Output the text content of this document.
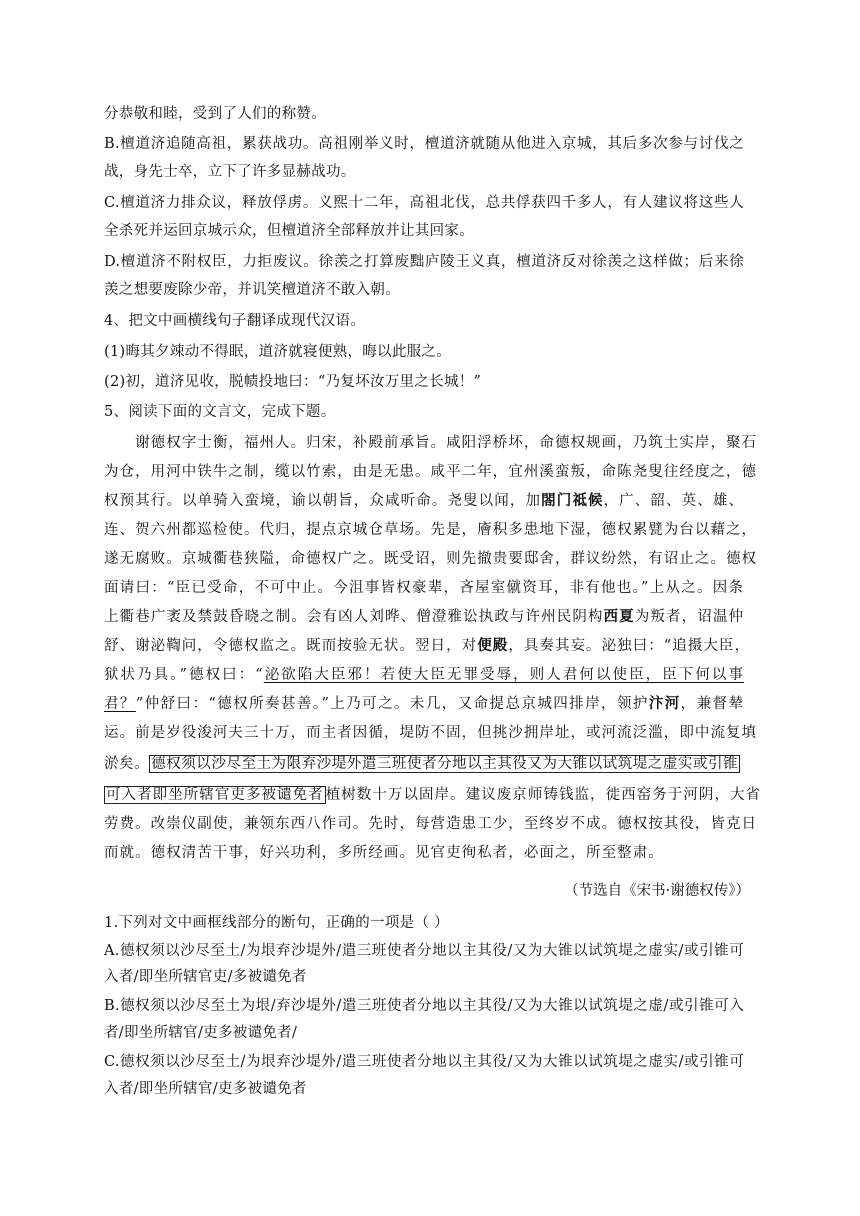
分恭敬和睦，受到了人们的称赞。
B.檀道济追随高祖，累获战功。高祖刚举义时，檀道济就随从他进入京城，其后多次参与讨伐之
战，身先士卒，立下了许多显赫战功。
C.檀道济力排众议，释放俘虏。义熙十二年，高祖北伐，总共俘获四千多人，有人建议将这些人
全杀死并运回京城示众，但檀道济全部释放并让其回家。
D.檀道济不附权臣，力拒废议。徐羡之打算废黜庐陵王义真，檀道济反对徐羡之这样做；后来徐
羡之想要废除少帝，并讥笑檀道济不敢入朝。
4、把文中画横线句子翻译成现代汉语。
(1)晦其夕竦动不得眠，道济就寝便熟，晦以此服之。
(2)初，道济见收，脱帻投地曰：“乃复坏汝万里之长城！”
5、阅读下面的文言文，完成下题。
　　谢德权字士衡，福州人。归宋，补殿前承旨。咸阳浮桥坏，命德权规画，乃筑土实岸，聚石
为仓，用河中铁牛之制，缆以竹索，由是无患。咸平二年，宜州溪蛮叛，命陈尧叟往经度之，德
权预其行。以单骑入蛮境，谕以朝旨，众咸听命。尧叟以闻，加閤门祗候，广、韶、英、雄、
连、贺六州都巡检使。代归，提点京城仓草场。先是，廥积多患地下湿，德权累甓为台以藉之，
遂无腐败。京城衢巷狭隘，命德权广之。既受诏，则先撤贵要邸舍，群议纷然，有诏止之。德权
面请曰：“臣已受命，不可中止。今沮事皆权豪辈，吝屋室僦资耳，非有他也。”上从之。因条
上衢巷广袤及禁鼓昏晓之制。会有凶人刘晔、僧澄雅讼执政与许州民阴构西夏为叛者，诏温仲
舒、谢泌鞫问，令德权监之。既而按验无状。翌日，对便殿，具奏其妄。泌独曰：“追摄大臣，
狱状乃具。”德权曰：“泌欲陷大臣邪！若使大臣无罪受辱，则人君何以使臣，臣下何以事
君？”仲舒曰：“德权所奏甚善。”上乃可之。未几，又命提总京城四排岸，领护汴河，兼督辇
运。前是岁役浚河夫三十万，而主者因循，堤防不固，但挑沙拥岸址，或河流泛滥，即中流复填
淤矣。 德权须以沙尽至土为限弃沙堤外遣三班使者分地以主其役又为大锥以试筑堤之虚实或引锥
可入者即坐所辖官吏多被谴免者 植树数十万以固岸。建议废京师铸钱监，徙西窑务于河阴，大省
劳费。改崇仪副使，兼领东西八作司。先时，每营造患工少，至终岁不成。德权按其役，皆克日
而就。德权清苦干事，好兴功利，多所经画。见官吏徇私者，必面之，所至整肃。
（节选自《宋书·谢德权传》）
1.下列对文中画框线部分的断句，正确的一项是（ ）
A.德权须以沙尽至土/为垠弃沙堤外/遣三班使者分地以主其役/又为大锥以试筑堤之虚实/或引锥可
入者/即坐所辖官吏/多被谴免者
B.德权须以沙尽至土为垠/弃沙堤外/遣三班使者分地以主其役/又为大锥以试筑堤之虚/或引锥可入
者/即坐所辖官/吏多被谴免者/
C.德权须以沙尽至土/为垠弃沙堤外/遣三班使者分地以主其役/又为大锥以试筑堤之虚实/或引锥可
入者/即坐所辖官/吏多被谴免者
